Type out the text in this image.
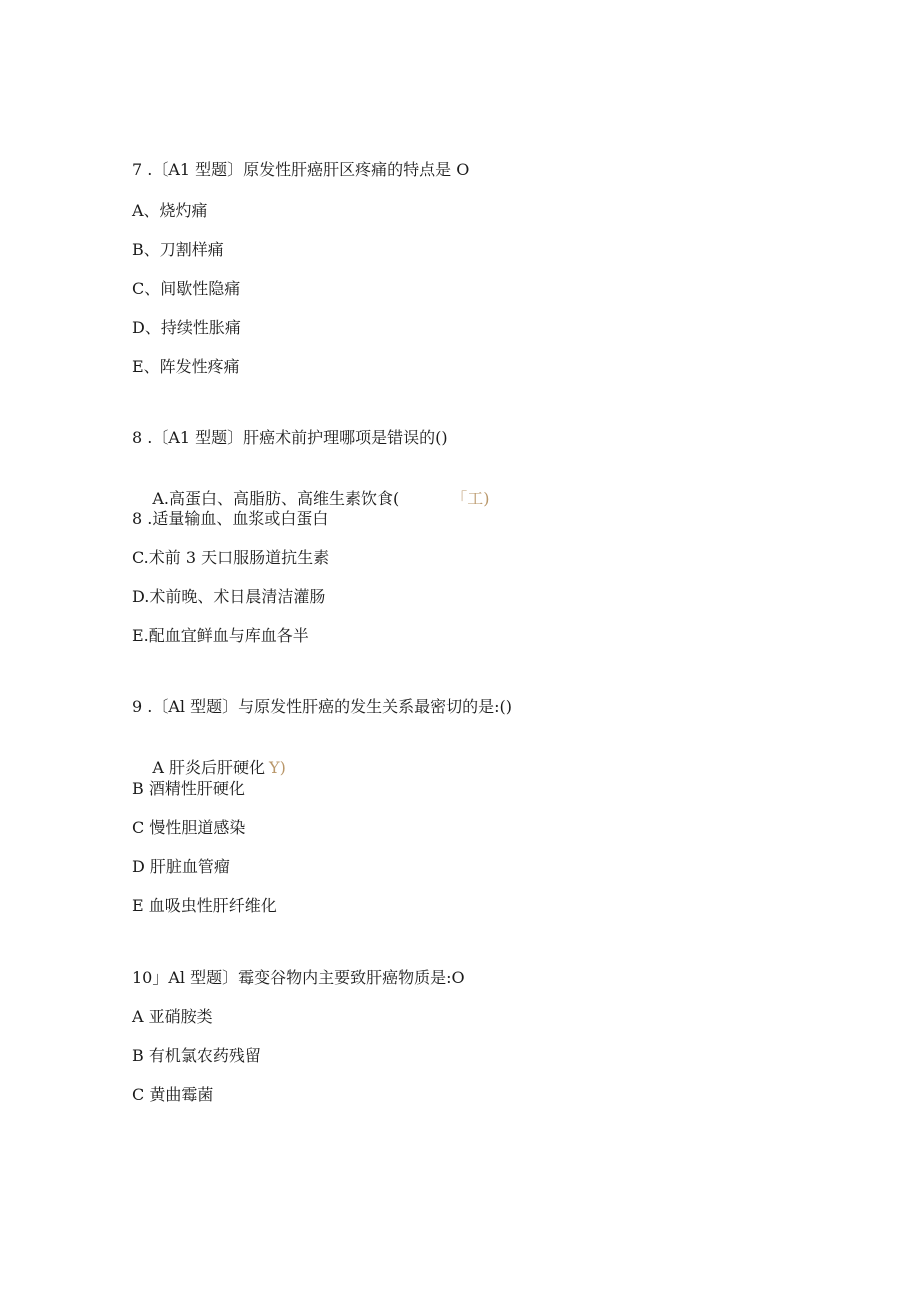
7 .〔A1 型题〕原发性肝癌肝区疼痛的特点是 O
A、烧灼痛
B、刀割样痛
C、间歇性隐痛
D、持续性胀痛
E、阵发性疼痛
8 .〔A1 型题〕肝癌术前护理哪项是错误的()

A.高蛋白、高脂肪、高维生素饮食(	「工)

8 .适量输血、血浆或白蛋白
C.术前 3 天口服肠道抗生素
D.术前晚、术日晨清洁灌肠
E.配血宜鲜血与库血各半
9 .〔Al 型题〕与原发性肝癌的发生关系最密切的是:()

A 肝炎后肝硬化 Y)

B 酒精性肝硬化
C 慢性胆道感染
D 肝脏血管瘤
E 血吸虫性肝纤维化
10」Al 型题〕霉变谷物内主要致肝癌物质是:O
A 亚硝胺类
B 有机氯农药残留
C 黄曲霉菌
